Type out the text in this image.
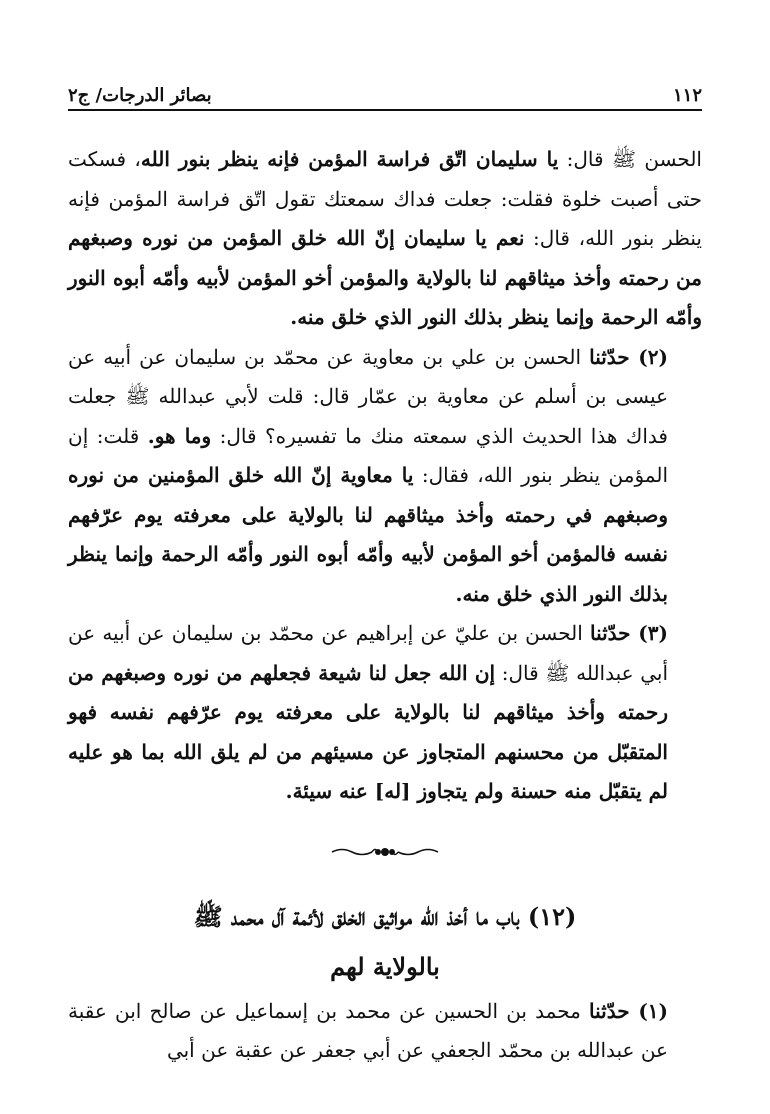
بصائر الدرجات/ ج٢	١١٢

الحسن ﷺ قال: يا سليمان اتّق فراسة المؤمن فإنه ينظر بنور الله، فسكت حتى أصبت خلوة فقلت: جعلت فداك سمعتك تقول اتّق فراسة المؤمن فإنه ينظر بنور الله، قال: نعم يا سليمان إنّ الله خلق المؤمن من نوره وصبغهم من رحمته وأخذ ميثاقهم لنا بالولاية والمؤمن أخو المؤمن لأبيه وأمّه أبوه النور وأمّه الرحمة وإنما ينظر بذلك النور الذي خلق منه.

(٢) حدّثنا الحسن بن علي بن معاوية عن محمّد بن سليمان عن أبيه عن عيسى بن أسلم عن معاوية بن عمّار قال: قلت لأبي عبدالله ﷺ جعلت فداك هذا الحديث الذي سمعته منك ما تفسيره؟ قال: وما هو. قلت: إن المؤمن ينظر بنور الله، فقال: يا معاوية إنّ الله خلق المؤمنين من نوره وصبغهم في رحمته وأخذ ميثاقهم لنا بالولاية على معرفته يوم عرّفهم نفسه فالمؤمن أخو المؤمن لأبيه وأمّه أبوه النور وأمّه الرحمة وإنما ينظر بذلك النور الذي خلق منه.

(٣) حدّثنا الحسن بن عليّ عن إبراهيم عن محمّد بن سليمان عن أبيه عن أبي عبدالله ﷺ قال: إن الله جعل لنا شيعة فجعلهم من نوره وصبغهم من رحمته وأخذ ميثاقهم لنا بالولاية على معرفته يوم عرّفهم نفسه فهو المتقبّل من محسنهم المتجاوز عن مسيئهم من لم يلق الله بما هو عليه لم يتقبّل منه حسنة ولم يتجاوز [له] عنه سيئة.

(١٢) باب ما أخذ الله مواثيق الخلق لأئمة آل محمد ﷺ
بالولاية لهم

(١) حدّثنا محمد بن الحسين عن محمد بن إسماعيل عن صالح ابن عقبة عن عبدالله بن محمّد الجعفي عن أبي جعفر عن عقبة عن أبي
